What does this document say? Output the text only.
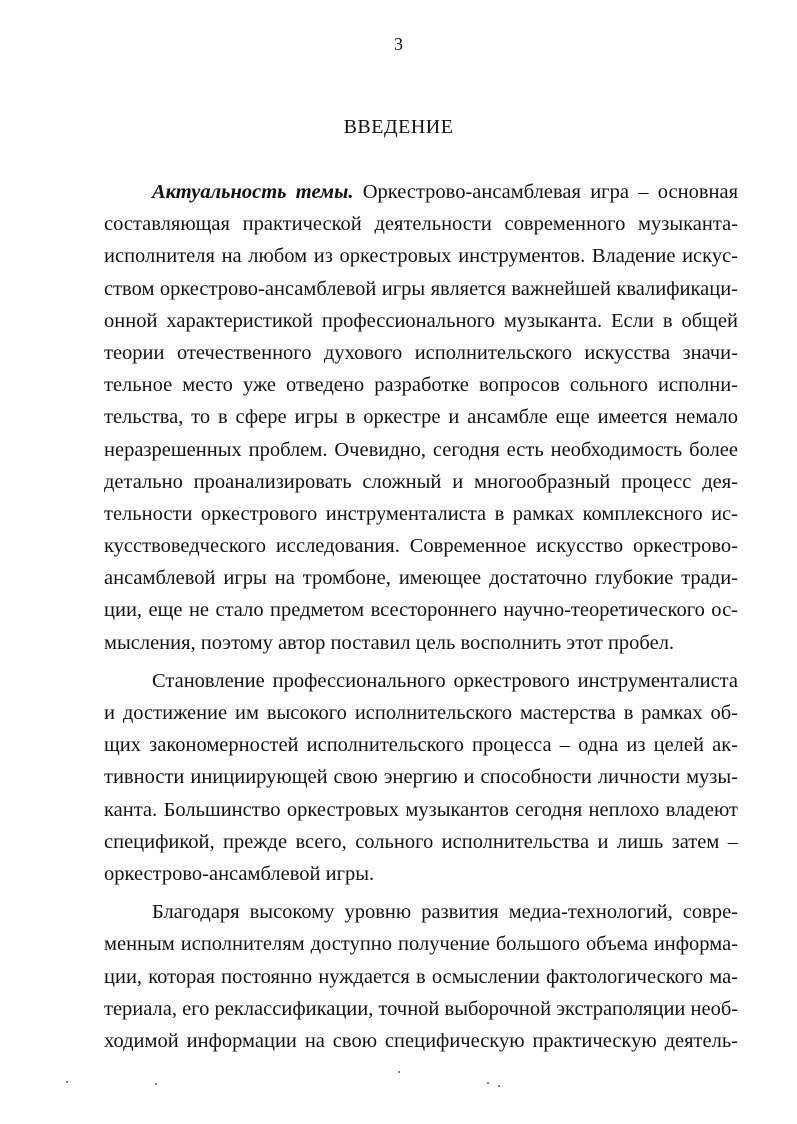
3
ВВЕДЕНИЕ
Актуальность темы. Оркестрово-ансамблевая игра – основная
составляющая практической деятельности современного музыканта-
исполнителя на любом из оркестровых инструментов. Владение искус-
ством оркестрово-ансамблевой игры является важнейшей квалификаци-
онной характеристикой профессионального музыканта. Если в общей
теории отечественного духового исполнительского искусства значи-
тельное место уже отведено разработке вопросов сольного исполни-
тельства, то в сфере игры в оркестре и ансамбле еще имеется немало
неразрешенных проблем. Очевидно, сегодня есть необходимость более
детально проанализировать сложный и многообразный процесс дея-
тельности оркестрового инструменталиста в рамках комплексного ис-
кусствоведческого исследования. Современное искусство оркестрово-
ансамблевой игры на тромбоне, имеющее достаточно глубокие тради-
ции, еще не стало предметом всестороннего научно-теоретического ос-
мысления, поэтому автор поставил цель восполнить этот пробел.
Становление профессионального оркестрового инструменталиста
и достижение им высокого исполнительского мастерства в рамках об-
щих закономерностей исполнительского процесса – одна из целей ак-
тивности инициирующей свою энергию и способности личности музы-
канта. Большинство оркестровых музыкантов сегодня неплохо владеют
спецификой, прежде всего, сольного исполнительства и лишь затем –
оркестрово-ансамблевой игры.
Благодаря высокому уровню развития медиа-технологий, совре-
менным исполнителям доступно получение большого объема информа-
ции, которая постоянно нуждается в осмыслении фактологического ма-
териала, его реклассификации, точной выборочной экстраполяции необ-
ходимой информации на свою специфическую практическую деятель-
